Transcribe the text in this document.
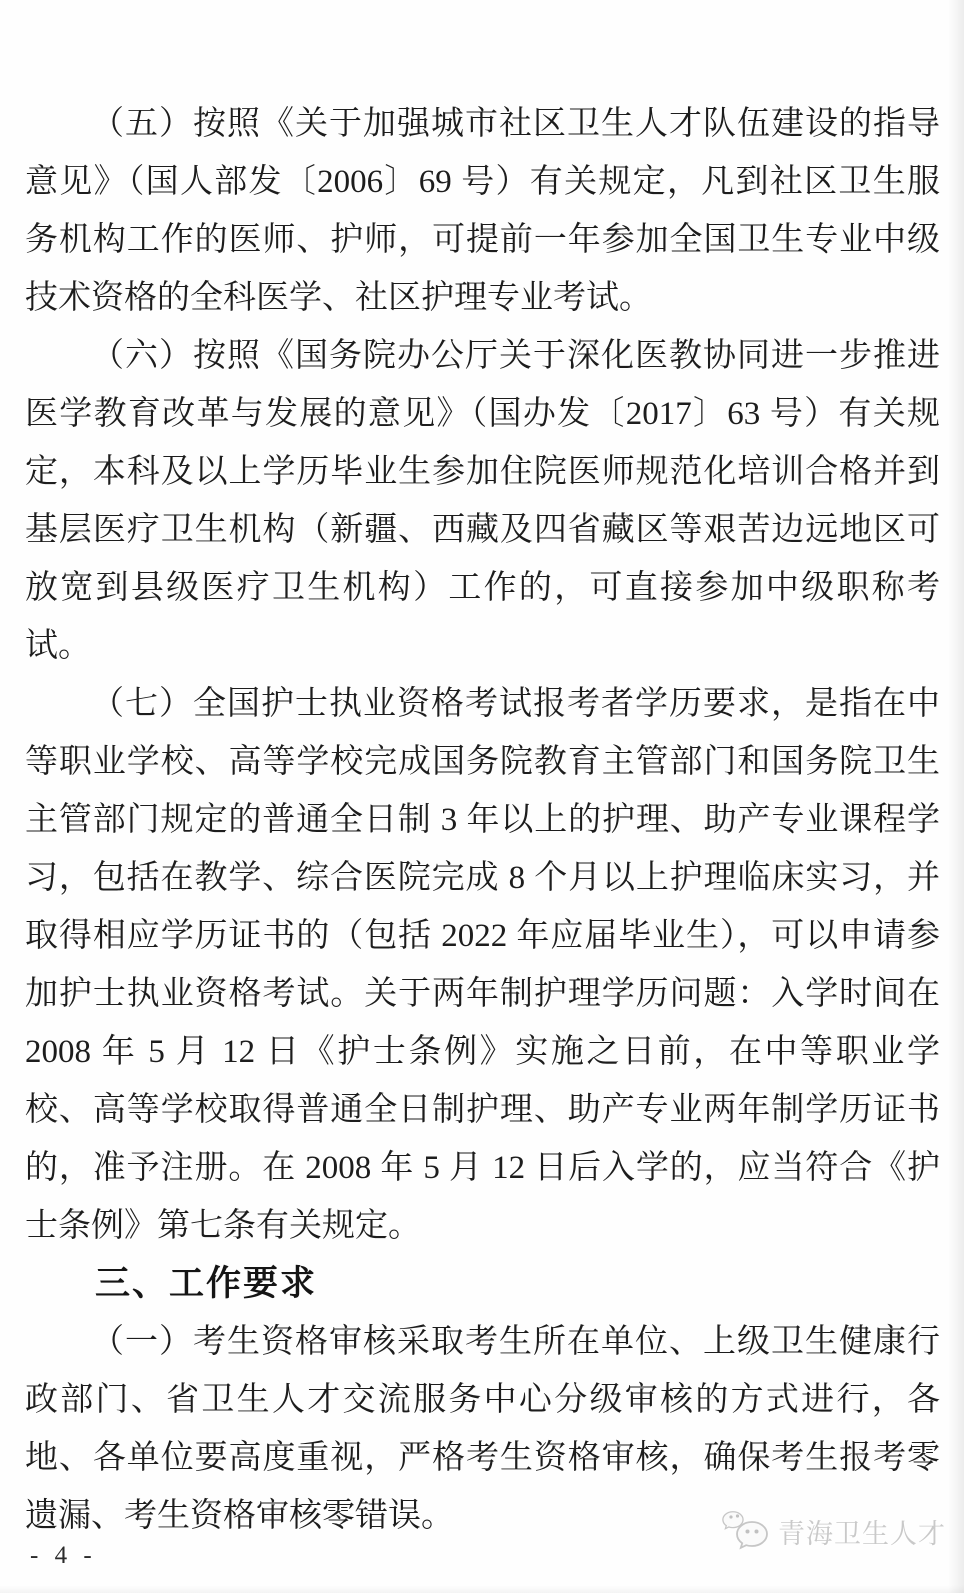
（五）按照《关于加强城市社区卫生人才队伍建设的指导意见》（国人部发〔2006〕69 号）有关规定，凡到社区卫生服务机构工作的医师、护师，可提前一年参加全国卫生专业中级技术资格的全科医学、社区护理专业考试。

（六）按照《国务院办公厅关于深化医教协同进一步推进医学教育改革与发展的意见》（国办发〔2017〕63 号）有关规定，本科及以上学历毕业生参加住院医师规范化培训合格并到基层医疗卫生机构（新疆、西藏及四省藏区等艰苦边远地区可放宽到县级医疗卫生机构）工作的，可直接参加中级职称考试。

（七）全国护士执业资格考试报考者学历要求，是指在中等职业学校、高等学校完成国务院教育主管部门和国务院卫生主管部门规定的普通全日制 3 年以上的护理、助产专业课程学习，包括在教学、综合医院完成 8 个月以上护理临床实习，并取得相应学历证书的（包括 2022 年应届毕业生），可以申请参加护士执业资格考试。关于两年制护理学历问题：入学时间在 2008 年 5 月 12 日《护士条例》实施之日前，在中等职业学校、高等学校取得普通全日制护理、助产专业两年制学历证书的，准予注册。在 2008 年 5 月 12 日后入学的，应当符合《护士条例》第七条有关规定。

三、工作要求

（一）考生资格审核采取考生所在单位、上级卫生健康行政部门、省卫生人才交流服务中心分级审核的方式进行，各地、各单位要高度重视，严格考生资格审核，确保考生报考零遗漏、考生资格审核零错误。

- 4 -
青海卫生人才
